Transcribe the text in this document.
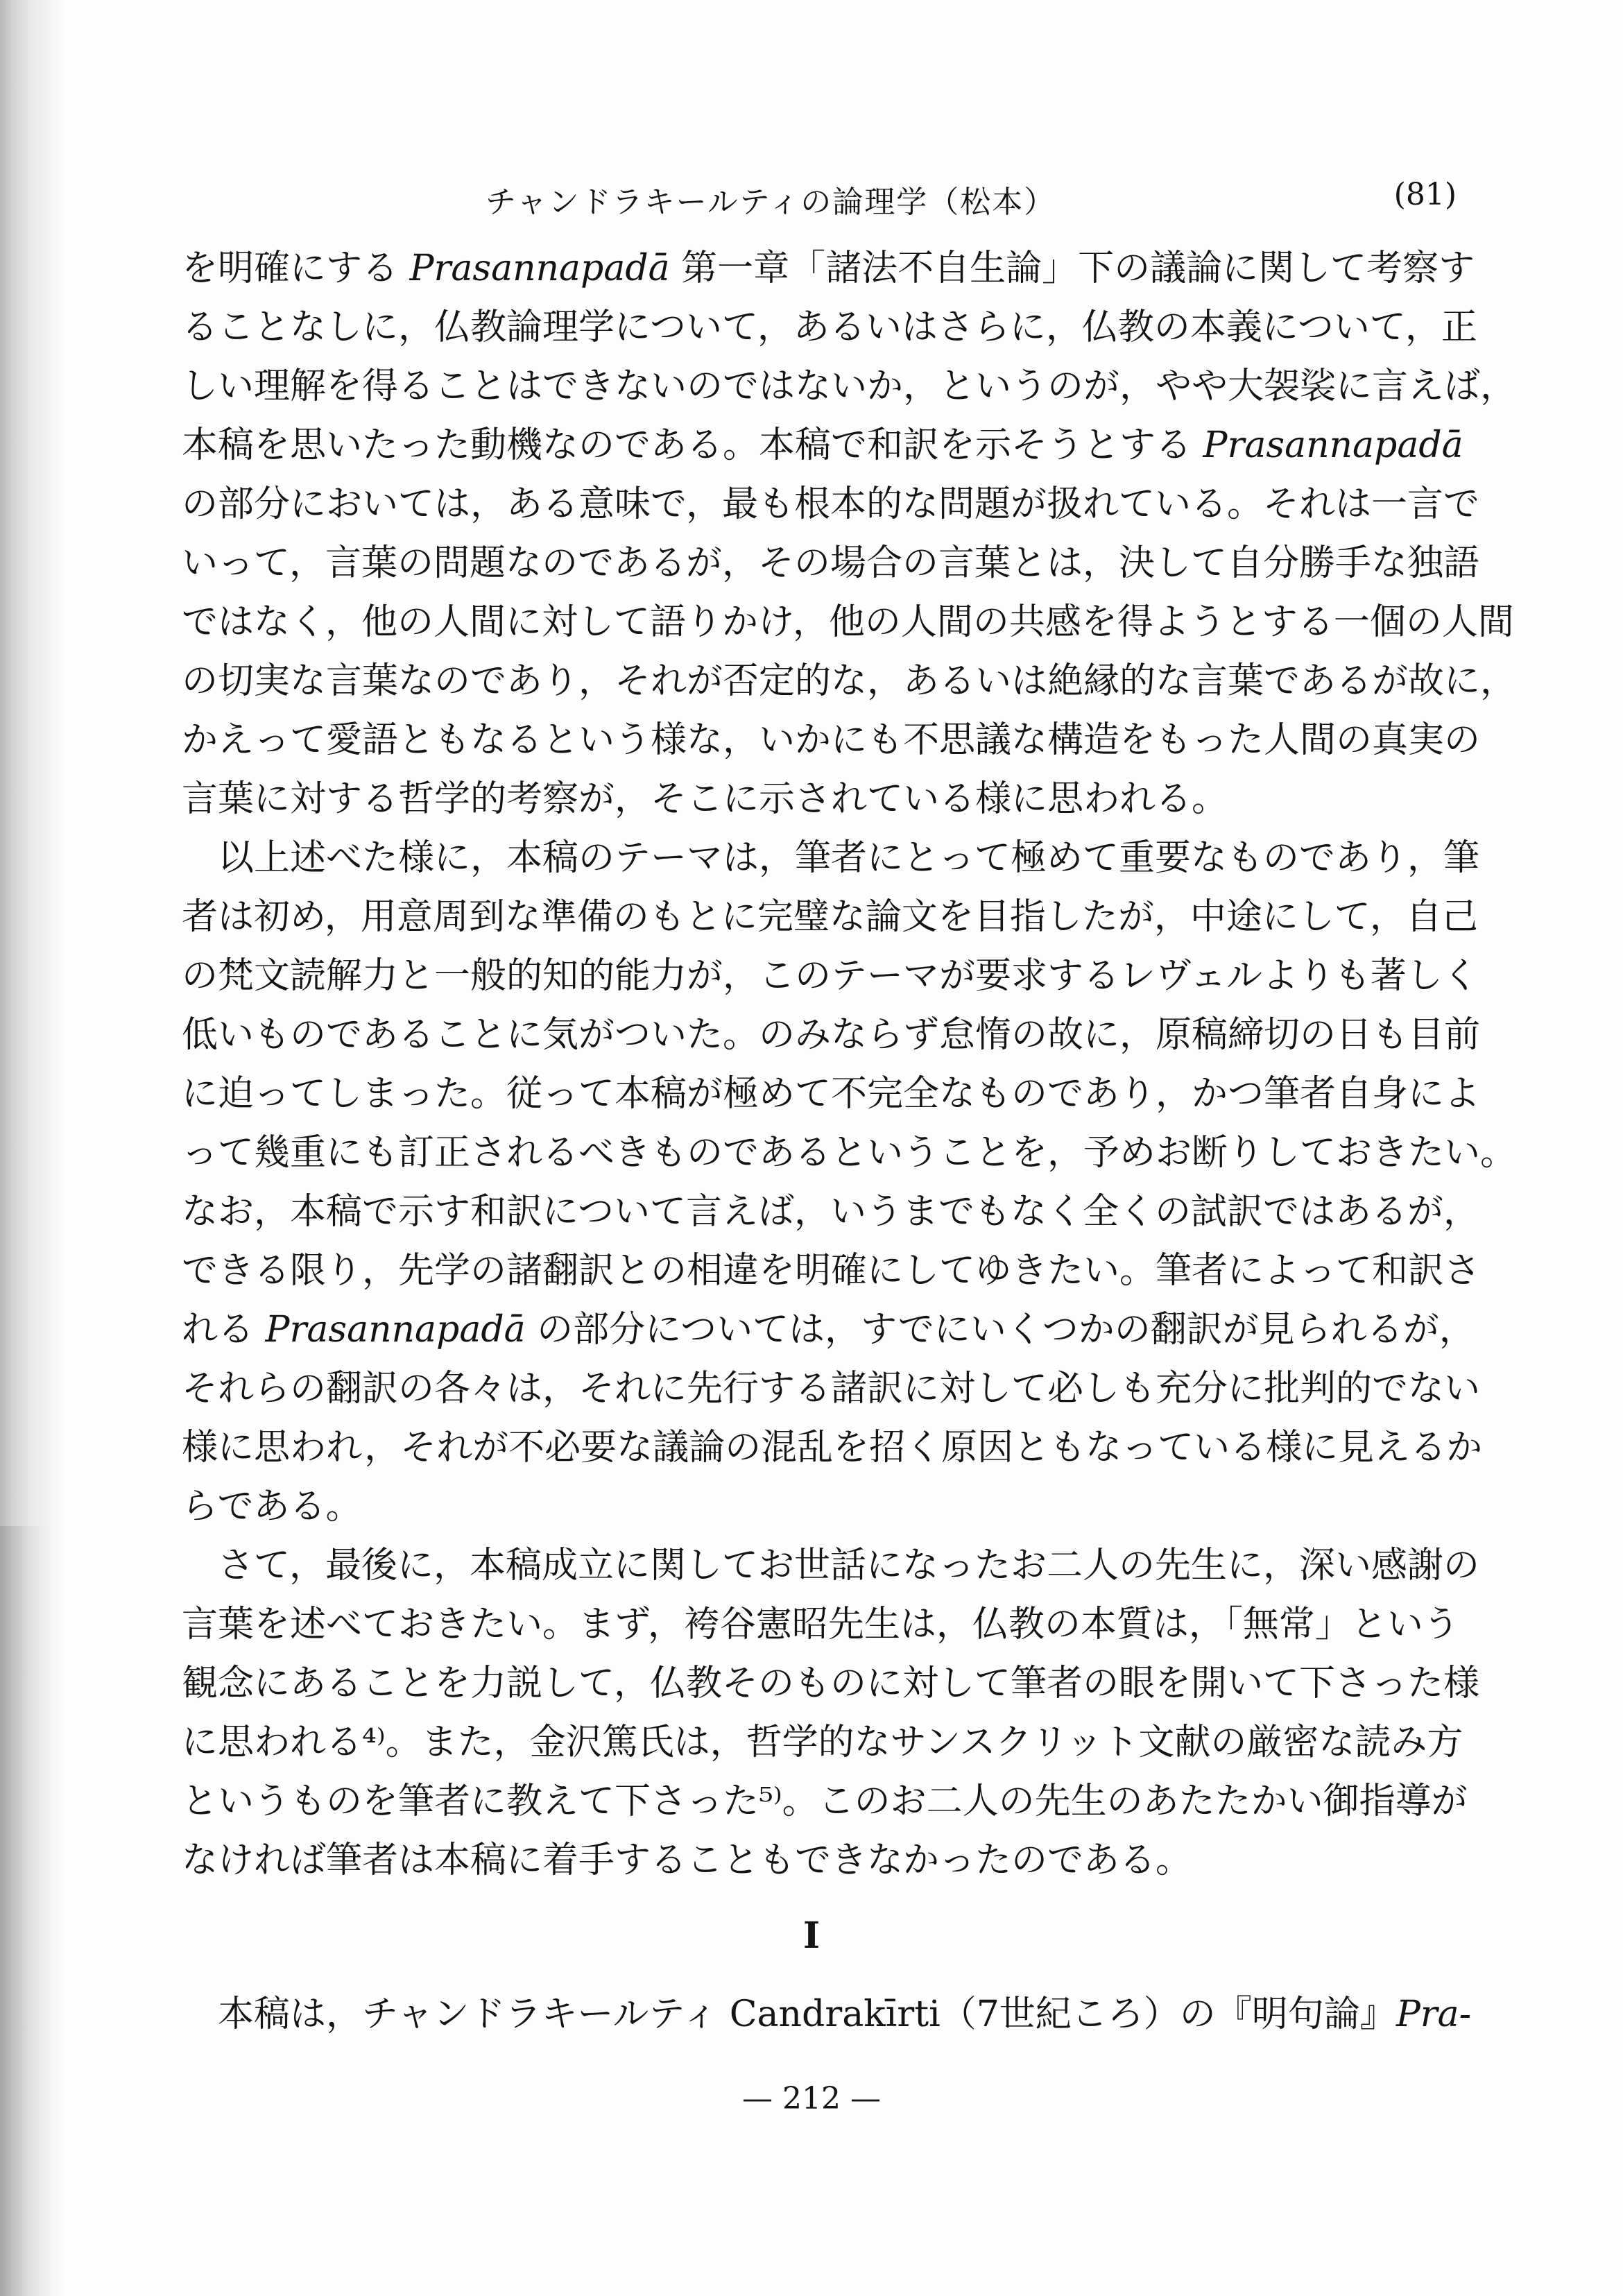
チャンドラキールティの論理学（松本）	(81)
を明確にする Prasannapadā 第一章「諸法不自生論」下の議論に関して考察す
ることなしに，仏教論理学について，あるいはさらに，仏教の本義について，正
しい理解を得ることはできないのではないか，というのが，やや大袈裟に言えば，
本稿を思いたった動機なのである。本稿で和訳を示そうとする Prasannapadā
の部分においては，ある意味で，最も根本的な問題が扱れている。それは一言で
いって，言葉の問題なのであるが，その場合の言葉とは，決して自分勝手な独語
ではなく，他の人間に対して語りかけ，他の人間の共感を得ようとする一個の人間
の切実な言葉なのであり，それが否定的な，あるいは絶縁的な言葉であるが故に，
かえって愛語ともなるという様な，いかにも不思議な構造をもった人間の真実の
言葉に対する哲学的考察が，そこに示されている様に思われる。
以上述べた様に，本稿のテーマは，筆者にとって極めて重要なものであり，筆
者は初め，用意周到な準備のもとに完璧な論文を目指したが，中途にして，自己
の梵文読解力と一般的知的能力が，このテーマが要求するレヴェルよりも著しく
低いものであることに気がついた。のみならず怠惰の故に，原稿締切の日も目前
に迫ってしまった。従って本稿が極めて不完全なものであり，かつ筆者自身によ
って幾重にも訂正されるべきものであるということを，予めお断りしておきたい。
なお，本稿で示す和訳について言えば，いうまでもなく全くの試訳ではあるが，
できる限り，先学の諸翻訳との相違を明確にしてゆきたい。筆者によって和訳さ
れる Prasannapadā の部分については，すでにいくつかの翻訳が見られるが，
それらの翻訳の各々は，それに先行する諸訳に対して必しも充分に批判的でない
様に思われ，それが不必要な議論の混乱を招く原因ともなっている様に見えるか
らである。
さて，最後に，本稿成立に関してお世話になったお二人の先生に，深い感謝の
言葉を述べておきたい。まず，袴谷憲昭先生は，仏教の本質は，「無常」という
観念にあることを力説して，仏教そのものに対して筆者の眼を開いて下さった様
に思われる⁴⁾。また，金沢篤氏は，哲学的なサンスクリット文献の厳密な読み方
というものを筆者に教えて下さった⁵⁾。このお二人の先生のあたたかい御指導が
なければ筆者は本稿に着手することもできなかったのである。
I
本稿は，チャンドラキールティ Candrakīrti（7世紀ころ）の『明句論』Pra-
— 212 —
